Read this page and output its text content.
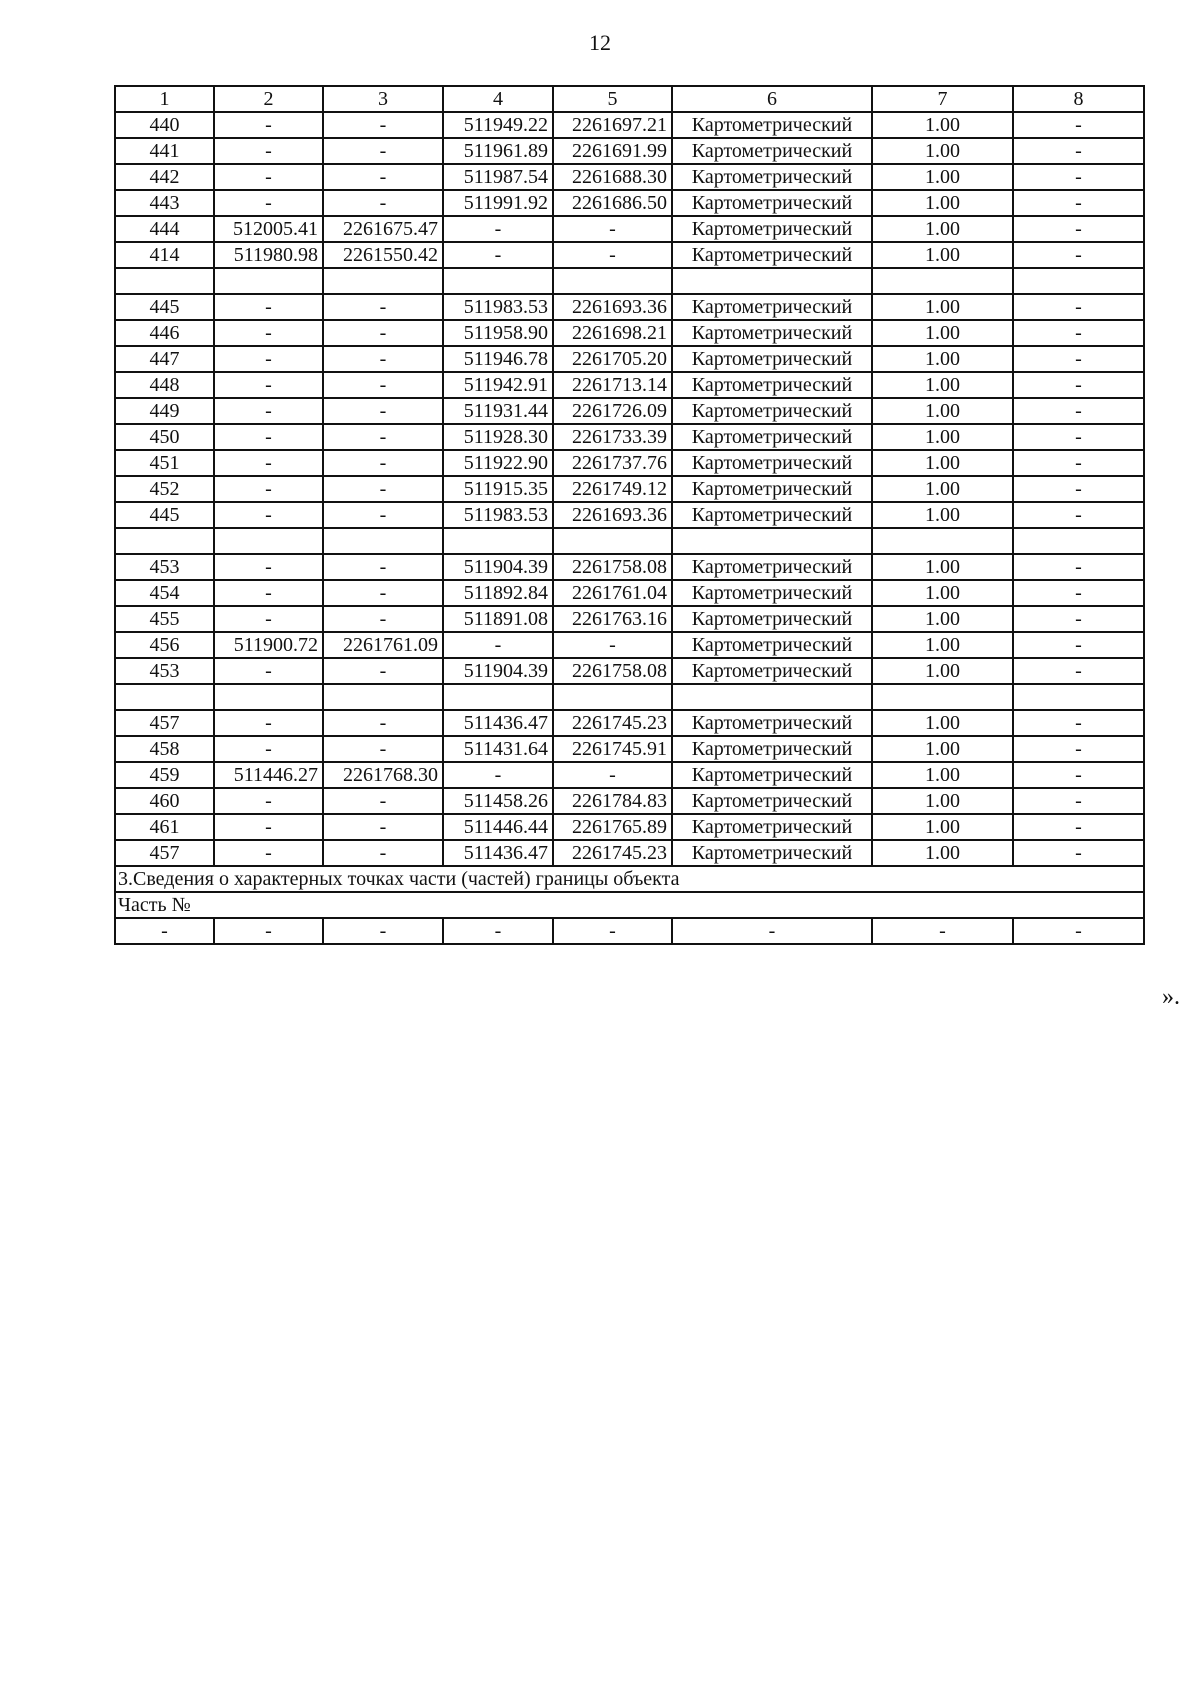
12
1	2	3	4	5	6	7	8
440	-	-	511949.22	2261697.21	Картометрический	1.00	-
441	-	-	511961.89	2261691.99	Картометрический	1.00	-
442	-	-	511987.54	2261688.30	Картометрический	1.00	-
443	-	-	511991.92	2261686.50	Картометрический	1.00	-
444	512005.41	2261675.47	-	-	Картометрический	1.00	-
414	511980.98	2261550.42	-	-	Картометрический	1.00	-

445	-	-	511983.53	2261693.36	Картометрический	1.00	-
446	-	-	511958.90	2261698.21	Картометрический	1.00	-
447	-	-	511946.78	2261705.20	Картометрический	1.00	-
448	-	-	511942.91	2261713.14	Картометрический	1.00	-
449	-	-	511931.44	2261726.09	Картометрический	1.00	-
450	-	-	511928.30	2261733.39	Картометрический	1.00	-
451	-	-	511922.90	2261737.76	Картометрический	1.00	-
452	-	-	511915.35	2261749.12	Картометрический	1.00	-
445	-	-	511983.53	2261693.36	Картометрический	1.00	-

453	-	-	511904.39	2261758.08	Картометрический	1.00	-
454	-	-	511892.84	2261761.04	Картометрический	1.00	-
455	-	-	511891.08	2261763.16	Картометрический	1.00	-
456	511900.72	2261761.09	-	-	Картометрический	1.00	-
453	-	-	511904.39	2261758.08	Картометрический	1.00	-

457	-	-	511436.47	2261745.23	Картометрический	1.00	-
458	-	-	511431.64	2261745.91	Картометрический	1.00	-
459	511446.27	2261768.30	-	-	Картометрический	1.00	-
460	-	-	511458.26	2261784.83	Картометрический	1.00	-
461	-	-	511446.44	2261765.89	Картометрический	1.00	-
457	-	-	511436.47	2261745.23	Картометрический	1.00	-
3.Сведения о характерных точках части (частей) границы объекта							
Часть №							
-	-	-	-	-	-	-	-
».
